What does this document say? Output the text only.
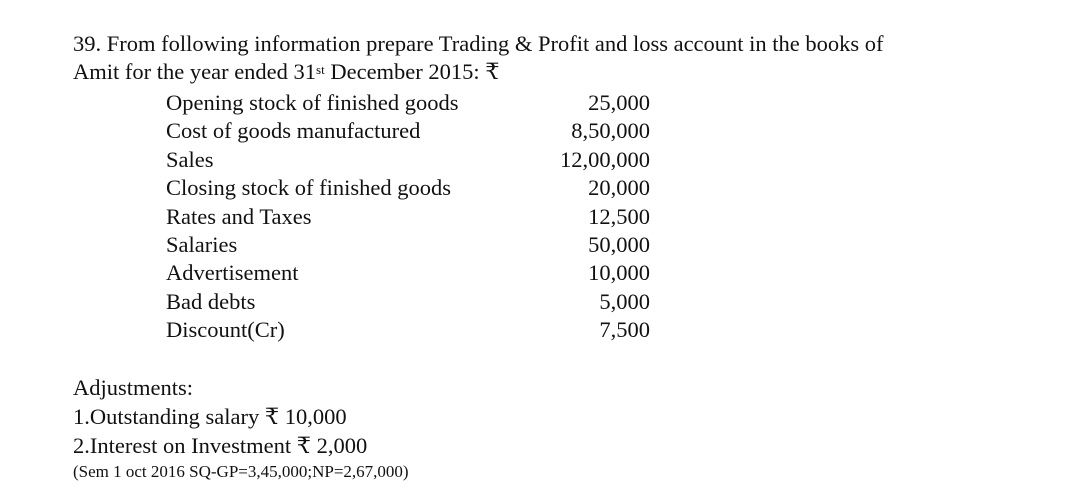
39. From following information prepare Trading & Profit and loss account in the books of
Amit for the year ended 31st December 2015: ₹
Opening stock of finished goods	25,000
Cost of goods manufactured	8,50,000
Sales	12,00,000
Closing stock of finished goods	20,000
Rates and Taxes	12,500
Salaries	50,000
Advertisement	10,000
Bad debts	5,000
Discount(Cr)	7,500
Adjustments:
1.Outstanding salary ₹ 10,000
2.Interest on Investment ₹ 2,000
(Sem 1 oct 2016 SQ-GP=3,45,000;NP=2,67,000)
